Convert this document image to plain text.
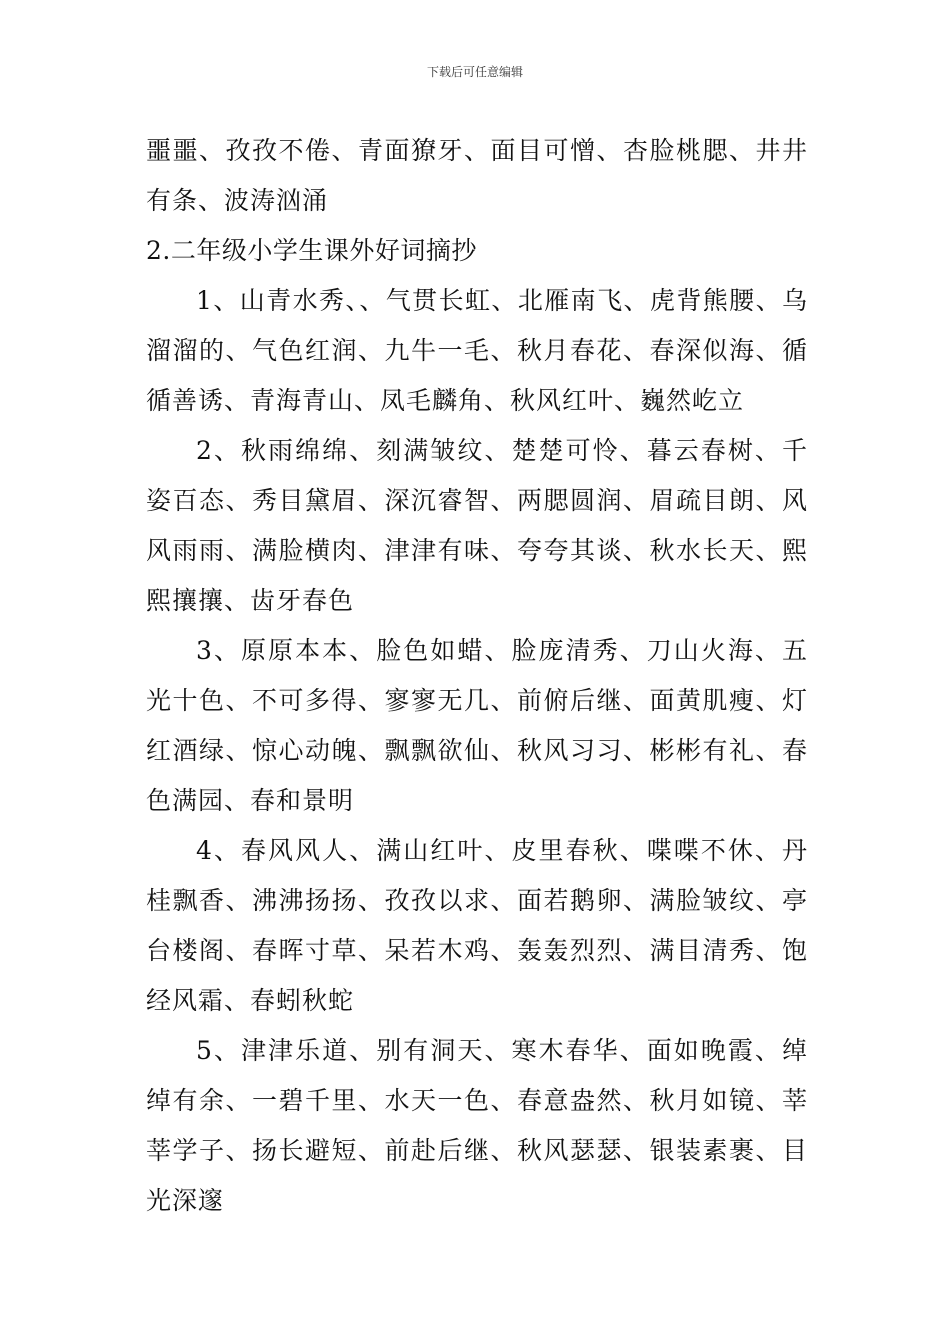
下载后可任意编辑

噩噩、孜孜不倦、青面獠牙、面目可憎、杏脸桃腮、井井有条、波涛汹涌

2.二年级小学生课外好词摘抄

1、山青水秀、、气贯长虹、北雁南飞、虎背熊腰、乌溜溜的、气色红润、九牛一毛、秋月春花、春深似海、循循善诱、青海青山、凤毛麟角、秋风红叶、巍然屹立

2、秋雨绵绵、刻满皱纹、楚楚可怜、暮云春树、千姿百态、秀目黛眉、深沉睿智、两腮圆润、眉疏目朗、风风雨雨、满脸横肉、津津有味、夸夸其谈、秋水长天、熙熙攘攘、齿牙春色

3、原原本本、脸色如蜡、脸庞清秀、刀山火海、五光十色、不可多得、寥寥无几、前俯后继、面黄肌瘦、灯红酒绿、惊心动魄、飘飘欲仙、秋风习习、彬彬有礼、春色满园、春和景明

4、春风风人、满山红叶、皮里春秋、喋喋不休、丹桂飘香、沸沸扬扬、孜孜以求、面若鹅卵、满脸皱纹、亭台楼阁、春晖寸草、呆若木鸡、轰轰烈烈、满目清秀、饱经风霜、春蚓秋蛇

5、津津乐道、别有洞天、寒木春华、面如晚霞、绰绰有余、一碧千里、水天一色、春意盎然、秋月如镜、莘莘学子、扬长避短、前赴后继、秋风瑟瑟、银装素裹、目光深邃
